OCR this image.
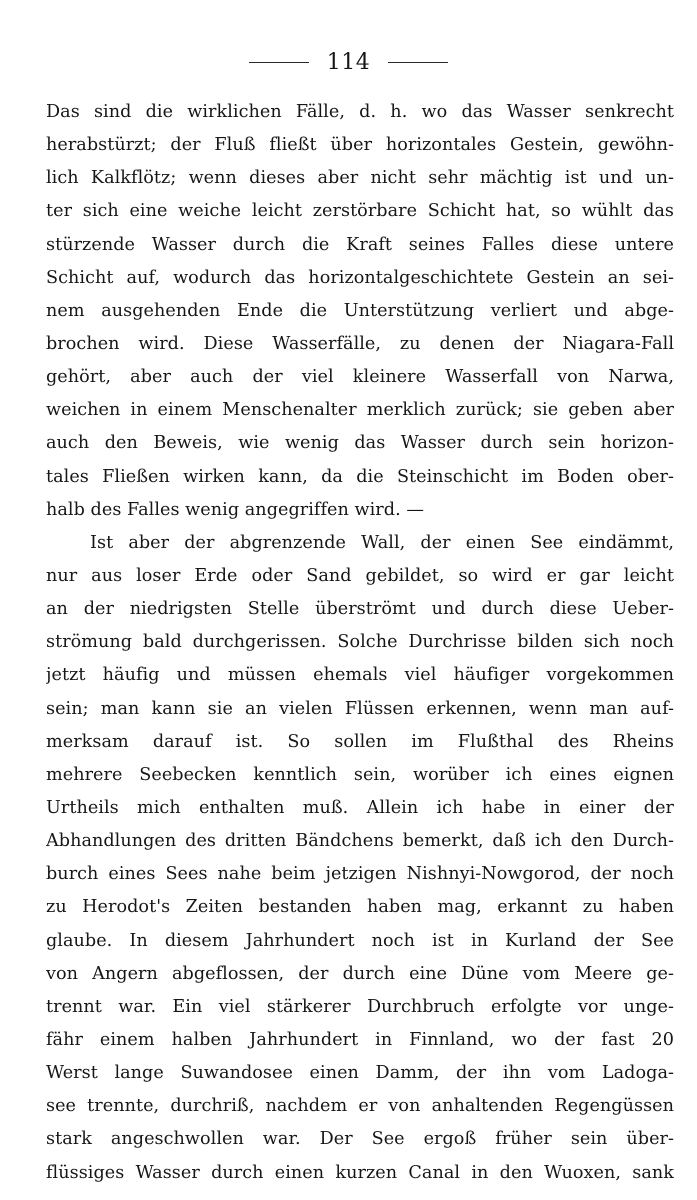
114
Das sind die wirklichen Fälle, d. h. wo das Wasser senkrecht
herabstürzt; der Fluß fließt über horizontales Gestein, gewöhn-
lich Kalkflötz; wenn dieses aber nicht sehr mächtig ist und un-
ter sich eine weiche leicht zerstörbare Schicht hat, so wühlt das
stürzende Wasser durch die Kraft seines Falles diese untere
Schicht auf, wodurch das horizontalgeschichtete Gestein an sei-
nem ausgehenden Ende die Unterstützung verliert und abge-
brochen wird. Diese Wasserfälle, zu denen der Niagara-Fall
gehört, aber auch der viel kleinere Wasserfall von Narwa,
weichen in einem Menschenalter merklich zurück; sie geben aber
auch den Beweis, wie wenig das Wasser durch sein horizon-
tales Fließen wirken kann, da die Steinschicht im Boden ober-
halb des Falles wenig angegriffen wird. —
Ist aber der abgrenzende Wall, der einen See eindämmt,
nur aus loser Erde oder Sand gebildet, so wird er gar leicht
an der niedrigsten Stelle überströmt und durch diese Ueber-
strömung bald durchgerissen. Solche Durchrisse bilden sich noch
jetzt häufig und müssen ehemals viel häufiger vorgekommen
sein; man kann sie an vielen Flüssen erkennen, wenn man auf-
merksam darauf ist. So sollen im Flußthal des Rheins
mehrere Seebecken kenntlich sein, worüber ich eines eignen
Urtheils mich enthalten muß. Allein ich habe in einer der
Abhandlungen des dritten Bändchens bemerkt, daß ich den Durch-
burch eines Sees nahe beim jetzigen Nishnyi-Nowgorod, der noch
zu Herodot's Zeiten bestanden haben mag, erkannt zu haben
glaube. In diesem Jahrhundert noch ist in Kurland der See
von Angern abgeflossen, der durch eine Düne vom Meere ge-
trennt war. Ein viel stärkerer Durchbruch erfolgte vor unge-
fähr einem halben Jahrhundert in Finnland, wo der fast 20
Werst lange Suwandosee einen Damm, der ihn vom Ladoga-
see trennte, durchriß, nachdem er von anhaltenden Regengüssen
stark angeschwollen war. Der See ergoß früher sein über-
flüssiges Wasser durch einen kurzen Canal in den Wuoxen, sank
